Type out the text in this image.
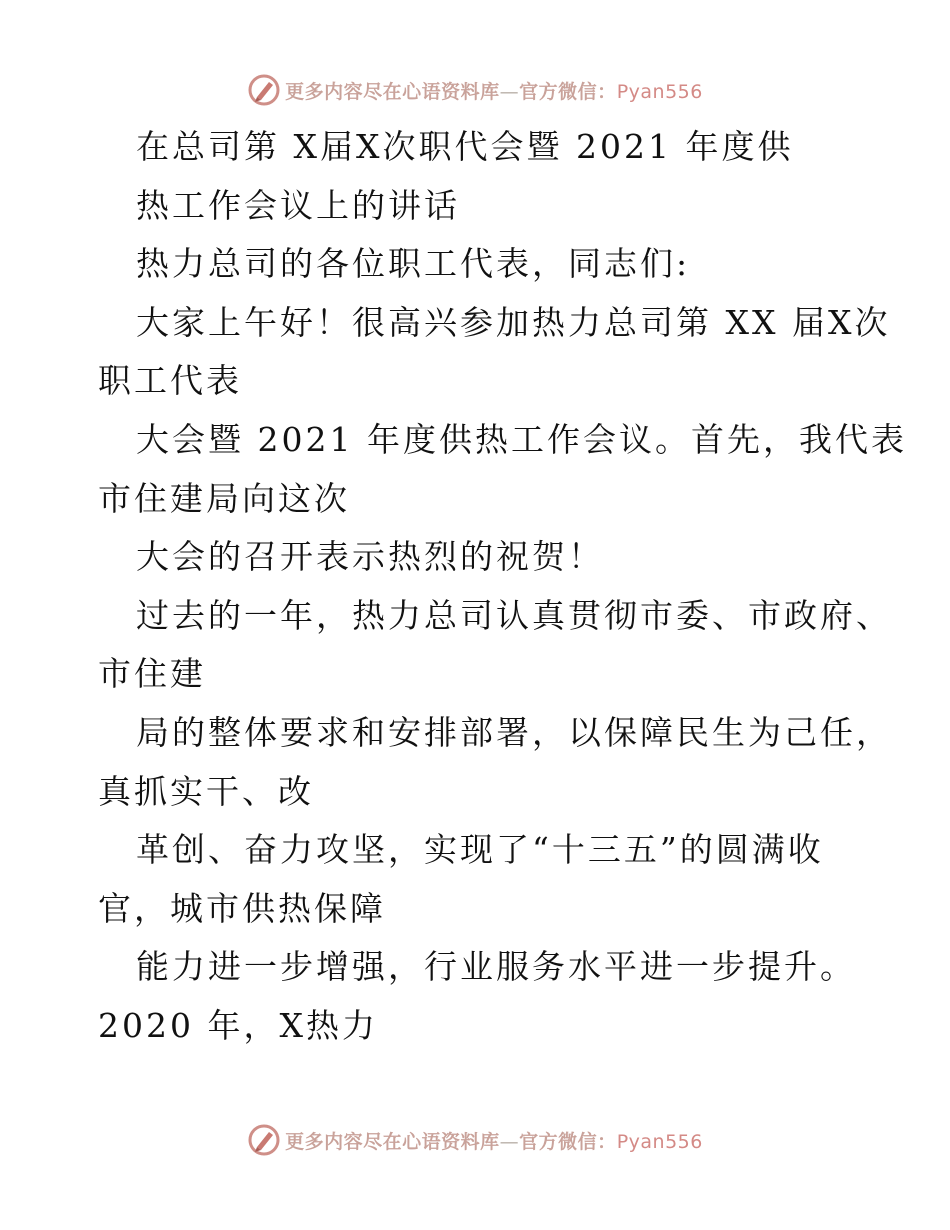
更多内容尽在心语资料库—官方微信：Pyan556
在总司第 X届X次职代会暨 2021 年度供
热工作会议上的讲话
热力总司的各位职工代表，同志们:
大家上午好！很高兴参加热力总司第 XX 届X次
职工代表
大会暨 2021 年度供热工作会议。首先，我代表
市住建局向这次
大会的召开表示热烈的祝贺！
过去的一年，热力总司认真贯彻市委、市政府、
市住建
局的整体要求和安排部署，以保障民生为己任，
真抓实干、改
革创、奋力攻坚，实现了“十三五”的圆满收
官，城市供热保障
能力进一步增强，行业服务水平进一步提升。
2020 年，X热力
更多内容尽在心语资料库—官方微信：Pyan556
